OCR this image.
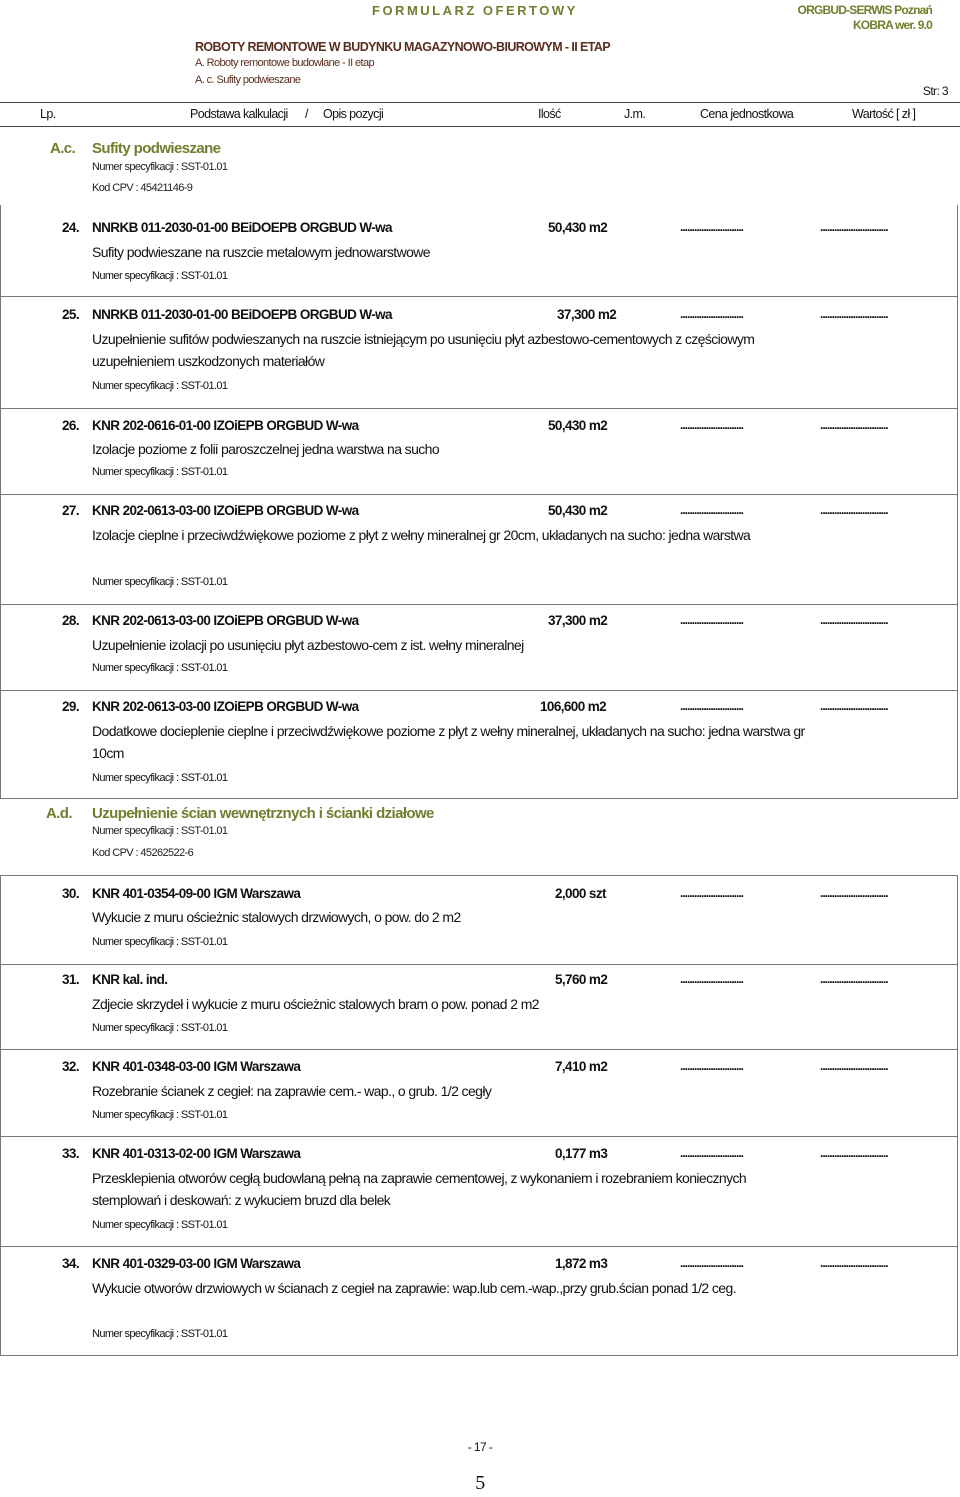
FORMULARZ OFERTOWY	ORGBUD-SERWIS Poznań
KOBRA wer. 9.0
ROBOTY REMONTOWE W BUDYNKU MAGAZYNOWO-BIUROWYM - II ETAP
A. Roboty remontowe budowlane - II etap
A. c. Sufity podwieszane
Str: 3
Lp.	Podstawa kalkulacji / Opis pozycji	Ilość	J.m.	Cena jednostkowa	Wartość [ zł ]
A.c. Sufity podwieszane
Numer specyfikacji : SST-01.01
Kod CPV : 45421146-9
24. NNRKB 011-2030-01-00 BEiDOEPB ORGBUD W-wa	50,430 m2	...........................	.............................
Sufity podwieszane na ruszcie metalowym jednowarstwowe
Numer specyfikacji : SST-01.01
25. NNRKB 011-2030-01-00 BEiDOEPB ORGBUD W-wa	37,300 m2	...........................	.............................
Uzupełnienie sufitów podwieszanych na ruszcie istniejącym po usunięciu płyt azbestowo-cementowych z częściowym uzupełnieniem uszkodzonych materiałów
Numer specyfikacji : SST-01.01
26. KNR 202-0616-01-00 IZOiEPB ORGBUD W-wa	50,430 m2	...........................	.............................
Izolacje poziome z folii paroszczelnej jedna warstwa na sucho
Numer specyfikacji : SST-01.01
27. KNR 202-0613-03-00 IZOiEPB ORGBUD W-wa	50,430 m2	...........................	.............................
Izolacje cieplne i przeciwdźwiękowe poziome z płyt z wełny mineralnej gr 20cm, układanych na sucho: jedna warstwa
Numer specyfikacji : SST-01.01
28. KNR 202-0613-03-00 IZOiEPB ORGBUD W-wa	37,300 m2	...........................	.............................
Uzupełnienie izolacji po usunięciu płyt azbestowo-cem z ist. wełny mineralnej
Numer specyfikacji : SST-01.01
29. KNR 202-0613-03-00 IZOiEPB ORGBUD W-wa	106,600 m2	...........................	.............................
Dodatkowe docieplenie cieplne i przeciwdźwiękowe poziome z płyt z wełny mineralnej, układanych na sucho: jedna warstwa gr 10cm
Numer specyfikacji : SST-01.01
A.d. Uzupełnienie ścian wewnętrznych i ścianki działowe
Numer specyfikacji : SST-01.01
Kod CPV : 45262522-6
30. KNR 401-0354-09-00 IGM Warszawa	2,000 szt	...........................	.............................
Wykucie z muru ościeżnic stalowych drzwiowych, o pow. do 2 m2
Numer specyfikacji : SST-01.01
31. KNR kal. ind.	5,760 m2	...........................	.............................
Zdjecie skrzydeł i wykucie z muru ościeżnic stalowych bram o pow. ponad 2 m2
Numer specyfikacji : SST-01.01
32. KNR 401-0348-03-00 IGM Warszawa	7,410 m2	...........................	.............................
Rozebranie ścianek z cegieł: na zaprawie cem.- wap., o grub. 1/2 cegły
Numer specyfikacji : SST-01.01
33. KNR 401-0313-02-00 IGM Warszawa	0,177 m3	...........................	.............................
Przesklepienia otworów cegłą budowlaną pełną na zaprawie cementowej, z wykonaniem i rozebraniem koniecznych stemplowań i deskowań: z wykuciem bruzd dla belek
Numer specyfikacji : SST-01.01
34. KNR 401-0329-03-00 IGM Warszawa	1,872 m3	...........................	.............................
Wykucie otworów drzwiowych w ścianach z cegieł na zaprawie: wap.lub cem.-wap.,przy grub.ścian ponad 1/2 ceg.
Numer specyfikacji : SST-01.01
- 17 -
5
